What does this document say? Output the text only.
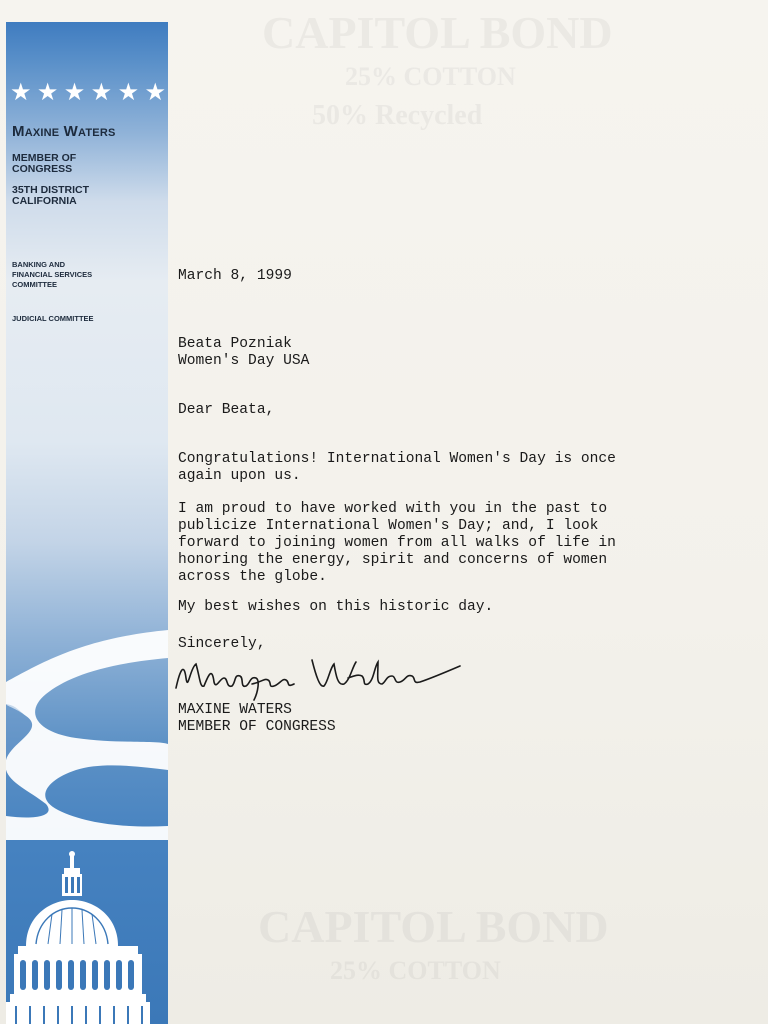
CAPITOL BOND
25% COTTON
50% Recycled
CAPITOL BOND
25% COTTON
★ ★ ★ ★ ★ ★
Maxine Waters
MEMBER OF
CONGRESS
35TH DISTRICT
CALIFORNIA
BANKING AND
FINANCIAL SERVICES
COMMITTEE
JUDICIAL COMMITTEE

March 8, 1999

Beata Pozniak

Women's Day USA

Dear Beata,

Congratulations! International Women's Day is once
again upon us.

I am proud to have worked with you in the past to
publicize International Women's Day; and, I look
forward to joining women from all walks of life in
honoring the energy, spirit and concerns of women
across the globe.

My best wishes on this historic day.

Sincerely,

MAXINE WATERS

MEMBER OF CONGRESS
